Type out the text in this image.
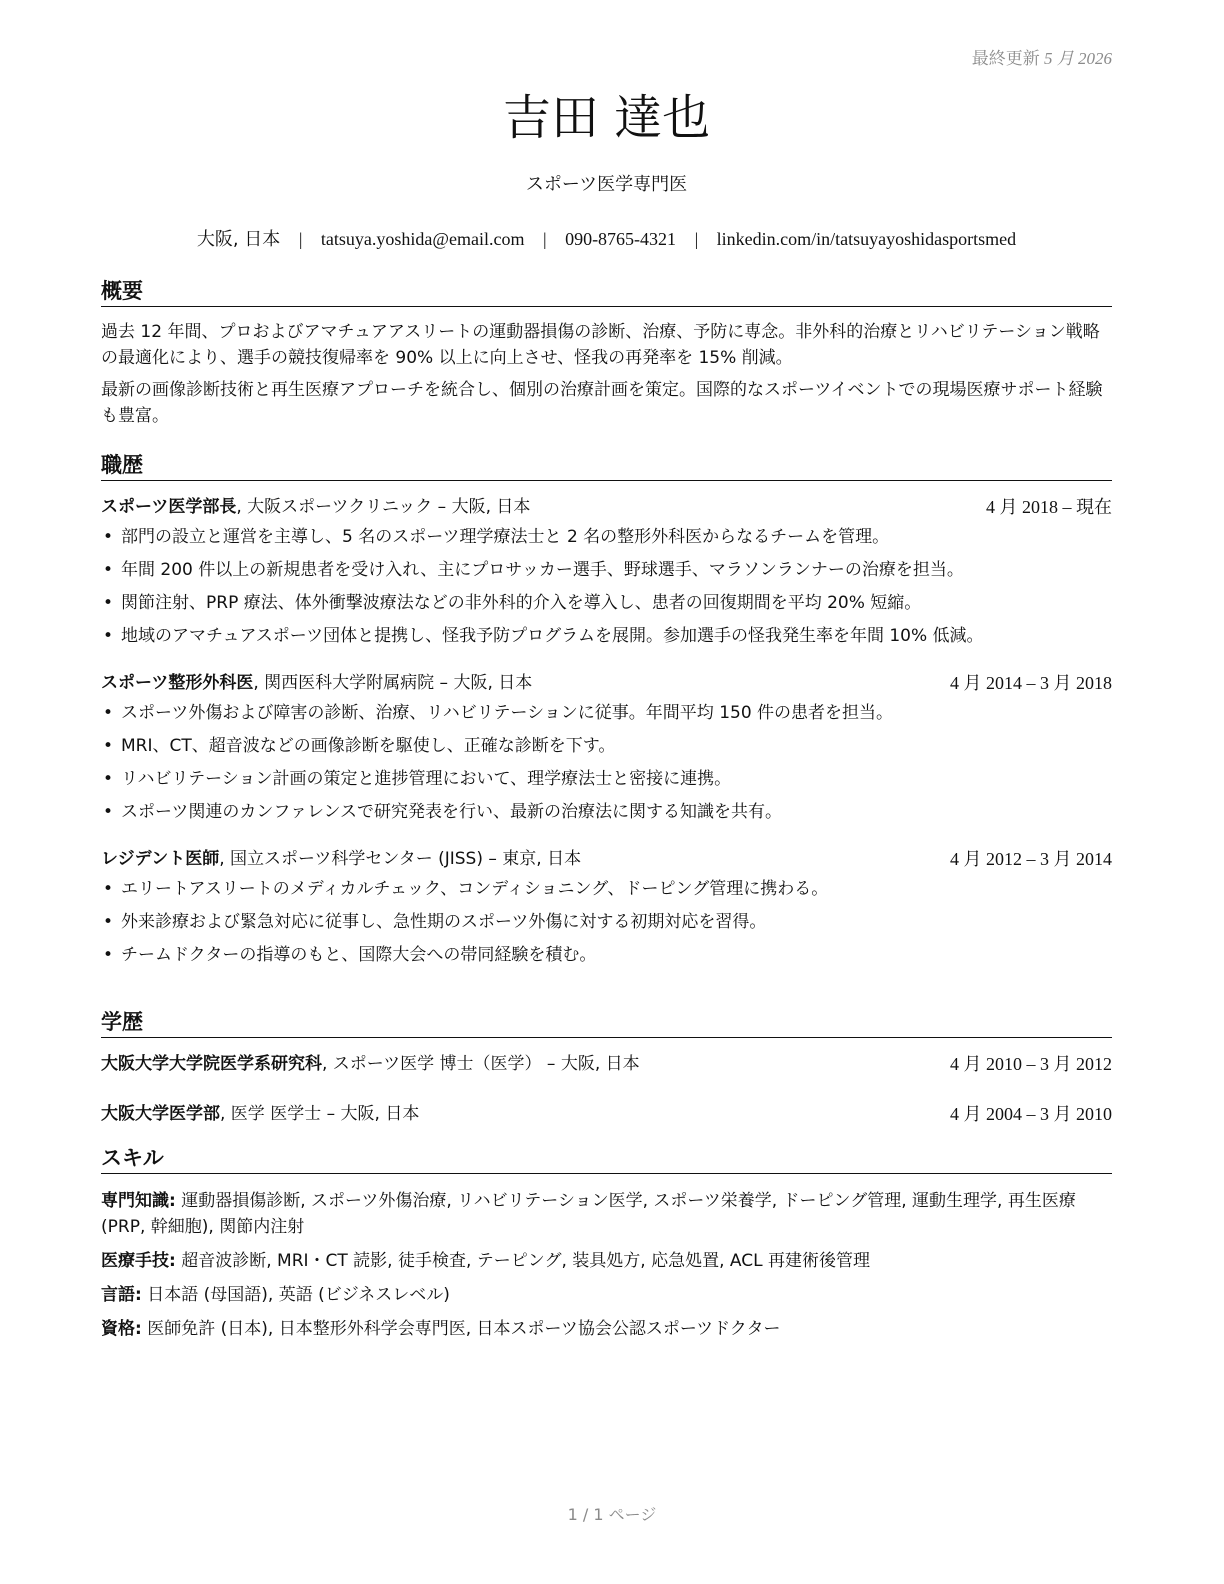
最終更新 5 月 2026
吉田 達也
スポーツ医学専門医
大阪, 日本 | tatsuya.yoshida@email.com | 090-8765-4321 | linkedin.com/in/tatsuyayoshidasportsmed
概要

過去 12 年間、プロおよびアマチュアアスリートの運動器損傷の診断、治療、予防に専念。非外科的治療とリハビリテーション戦略の最適化により、選手の競技復帰率を 90% 以上に向上させ、怪我の再発率を 15% 削減。

最新の画像診断技術と再生医療アプローチを統合し、個別の治療計画を策定。国際的なスポーツイベントでの現場医療サポート経験も豊富。

職歴
スポーツ医学部長, 大阪スポーツクリニック – 大阪, 日本	4 月 2018 – 現在
• 部門の設立と運営を主導し、5 名のスポーツ理学療法士と 2 名の整形外科医からなるチームを管理。
• 年間 200 件以上の新規患者を受け入れ、主にプロサッカー選手、野球選手、マラソンランナーの治療を担当。
• 関節注射、PRP 療法、体外衝撃波療法などの非外科的介入を導入し、患者の回復期間を平均 20% 短縮。
• 地域のアマチュアスポーツ団体と提携し、怪我予防プログラムを展開。参加選手の怪我発生率を年間 10% 低減。
スポーツ整形外科医, 関西医科大学附属病院 – 大阪, 日本	4 月 2014 – 3 月 2018
• スポーツ外傷および障害の診断、治療、リハビリテーションに従事。年間平均 150 件の患者を担当。
• MRI、CT、超音波などの画像診断を駆使し、正確な診断を下す。
• リハビリテーション計画の策定と進捗管理において、理学療法士と密接に連携。
• スポーツ関連のカンファレンスで研究発表を行い、最新の治療法に関する知識を共有。
レジデント医師, 国立スポーツ科学センター (JISS) – 東京, 日本	4 月 2012 – 3 月 2014
• エリートアスリートのメディカルチェック、コンディショニング、ドーピング管理に携わる。
• 外来診療および緊急対応に従事し、急性期のスポーツ外傷に対する初期対応を習得。
• チームドクターの指導のもと、国際大会への帯同経験を積む。
学歴
大阪大学大学院医学系研究科, スポーツ医学 博士（医学） – 大阪, 日本	4 月 2010 – 3 月 2012
大阪大学医学部, 医学 医学士 – 大阪, 日本	4 月 2004 – 3 月 2010
スキル
専門知識: 運動器損傷診断, スポーツ外傷治療, リハビリテーション医学, スポーツ栄養学, ドーピング管理, 運動生理学, 再生医療 (PRP, 幹細胞), 関節内注射
医療手技: 超音波診断, MRI・CT 読影, 徒手検査, テーピング, 装具処方, 応急処置, ACL 再建術後管理
言語: 日本語 (母国語), 英語 (ビジネスレベル)
資格: 医師免許 (日本), 日本整形外科学会専門医, 日本スポーツ協会公認スポーツドクター
1 / 1 ページ
